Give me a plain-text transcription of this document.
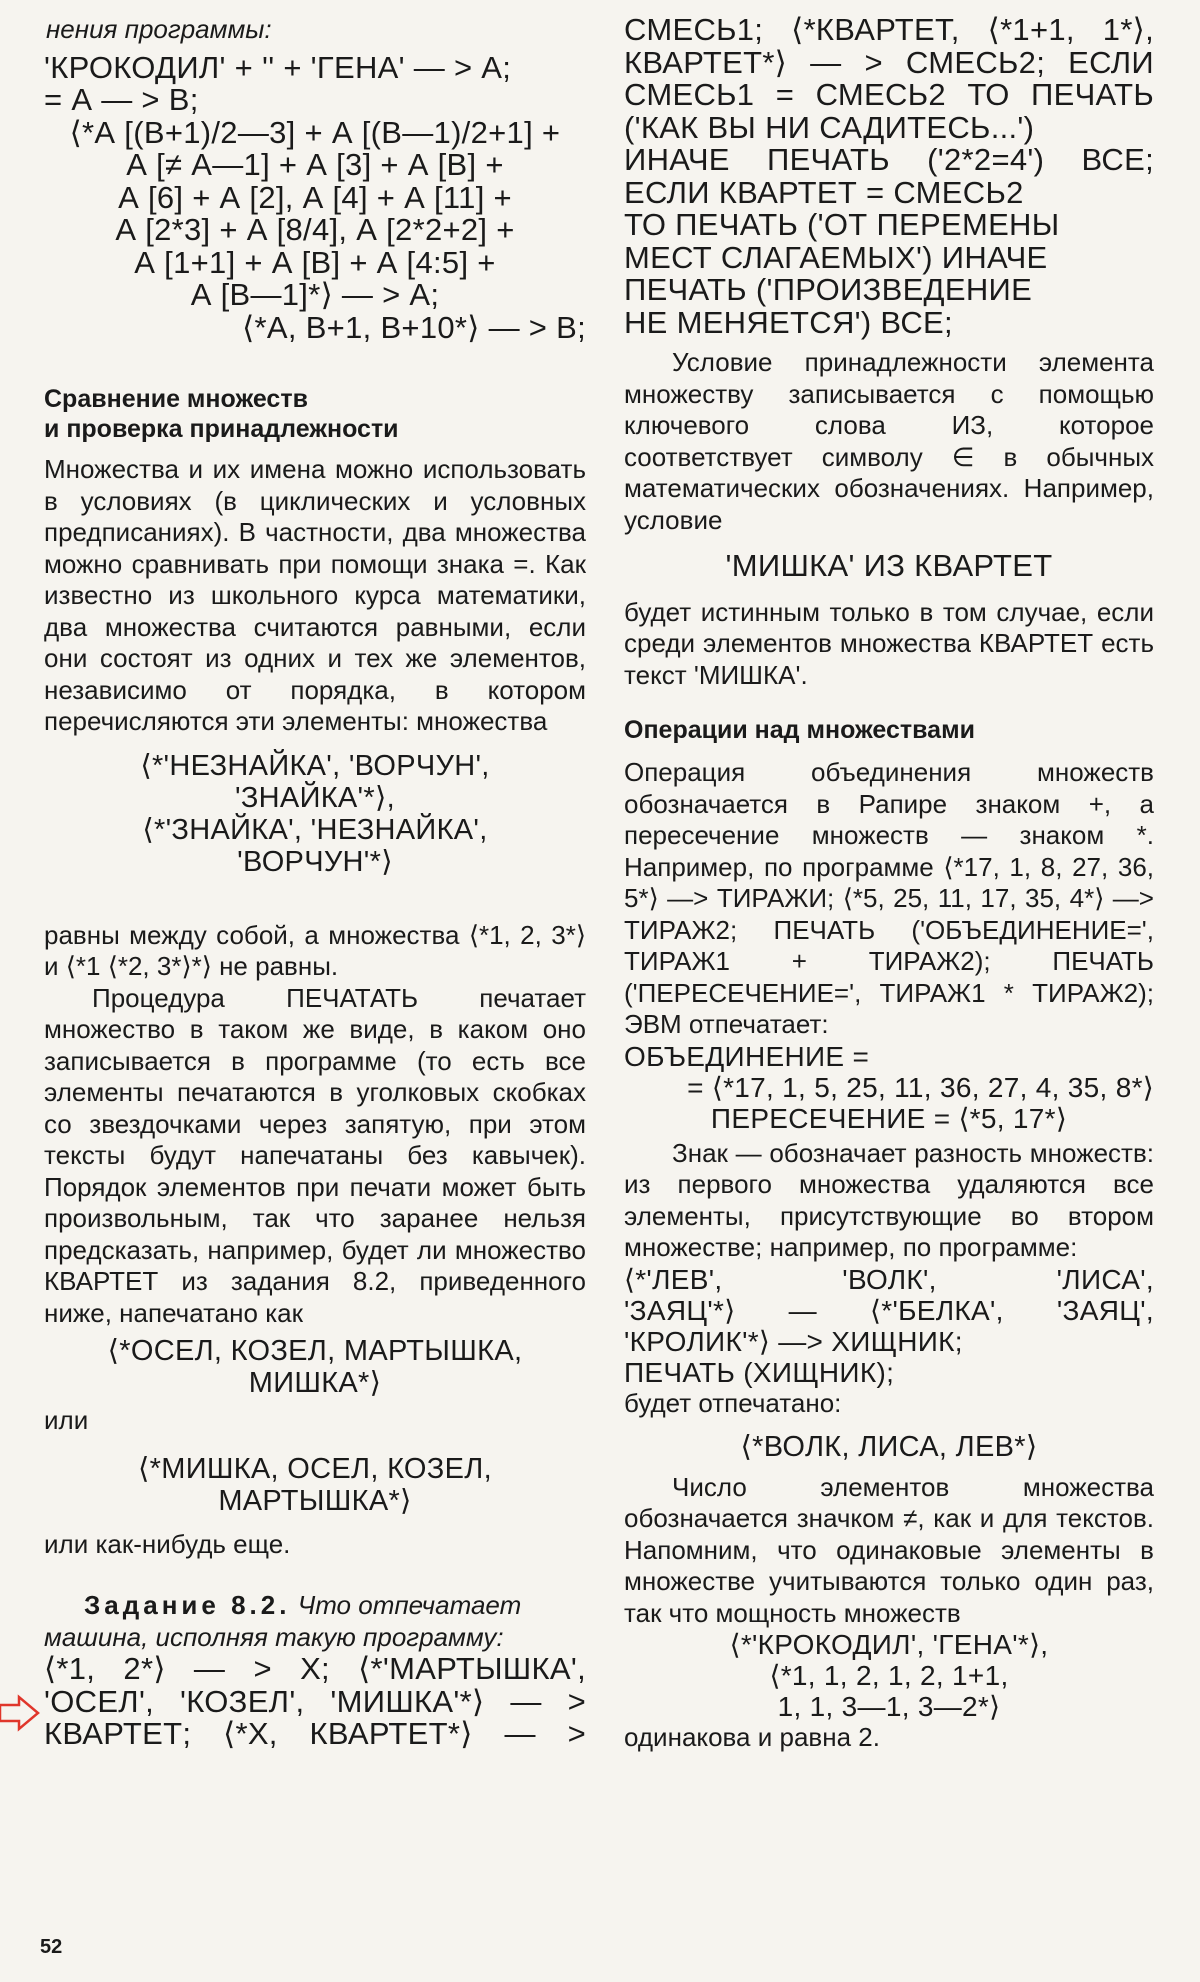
нения программы:

'КРОКОДИЛ' + '' + 'ГЕНА' — > А;
= А — > В;
⟨*А [(В+1)/2—3] + А [(В—1)/2+1] +
А [≠ А—1] + А [3] + А [В] +
А [6] + А [2], А [4] + А [11] +
А [2*3] + А [8/4], А [2*2+2] +
А [1+1] + А [В] + А [4:5] +
А [В—1]*⟩ — > А;
⟨*А, В+1, В+10*⟩ — > В;
Сравнение множеств
и проверка принадлежности

Множества и их имена можно использовать в условиях (в циклических и условных предписаниях). В частности, два множества можно сравнивать при помощи знака =. Как известно из школьного курса математики, два множества считаются равными, если они состоят из одних и тех же элементов, независимо от порядка, в котором перечисляются эти элементы: множества

⟨*'НЕЗНАЙКА', 'ВОРЧУН',
'ЗНАЙКА'*⟩,
⟨*'ЗНАЙКА', 'НЕЗНАЙКА',
'ВОРЧУН'*⟩

равны между собой, а множества ⟨*1, 2, 3*⟩ и ⟨*1 ⟨*2, 3*⟩*⟩ не равны.

Процедура ПЕЧАТАТЬ печатает множество в таком же виде, в каком оно записывается в программе (то есть все элементы печатаются в уголковых скобках со звездочками через запятую, при этом тексты будут напечатаны без кавычек). Порядок элементов при печати может быть произвольным, так что заранее нельзя предсказать, например, будет ли множество КВАРТЕТ из задания 8.2, приведенного ниже, напечатано как

⟨*ОСЕЛ, КОЗЕЛ, МАРТЫШКА,
МИШКА*⟩

или

⟨*МИШКА, ОСЕЛ, КОЗЕЛ,
МАРТЫШКА*⟩

или как-нибудь еще.

Задание 8.2. Что отпечатает

машина, исполняя такую программу:

⟨*1, 2*⟩ — > X; ⟨*'МАРТЫШКА',
'ОСЕЛ', 'КОЗЕЛ', 'МИШКА'*⟩ — >
КВАРТЕТ; ⟨*X, КВАРТЕТ*⟩ — >
СМЕСЬ1; ⟨*КВАРТЕТ, ⟨*1+1, 1*⟩,
КВАРТЕТ*⟩ — > СМЕСЬ2; ЕСЛИ
СМЕСЬ1 = СМЕСЬ2 ТО ПЕЧАТЬ
('КАК ВЫ НИ САДИТЕСЬ...')
ИНАЧЕ ПЕЧАТЬ ('2*2=4') ВСЕ;
ЕСЛИ КВАРТЕТ = СМЕСЬ2
ТО ПЕЧАТЬ ('ОТ ПЕРЕМЕНЫ
МЕСТ СЛАГАЕМЫХ') ИНАЧЕ
ПЕЧАТЬ ('ПРОИЗВЕДЕНИЕ
НЕ МЕНЯЕТСЯ') ВСЕ;

Условие принадлежности элемента множеству записывается с помощью ключевого слова ИЗ, которое соответствует символу ∈ в обычных математических обозначениях. Например, условие

'МИШКА' ИЗ КВАРТЕТ

будет истинным только в том случае, если среди элементов множества КВАРТЕТ есть текст 'МИШКА'.

Операции над множествами

Операция объединения множеств обозначается в Рапире знаком +, а пересечение множеств — знаком *. Например, по программе ⟨*17, 1, 8, 27, 36, 5*⟩ —> ТИРАЖИ; ⟨*5, 25, 11, 17, 35, 4*⟩ —> ТИРАЖ2; ПЕЧАТЬ ('ОБЪЕДИНЕНИЕ=', ТИРАЖ1 + ТИРАЖ2); ПЕЧАТЬ ('ПЕРЕСЕЧЕНИЕ=', ТИРАЖ1 * ТИРАЖ2); ЭВМ отпечатает:

ОБЪЕДИНЕНИЕ =
= ⟨*17, 1, 5, 25, 11, 36, 27, 4, 35, 8*⟩
ПЕРЕСЕЧЕНИЕ = ⟨*5, 17*⟩

Знак — обозначает разность множеств: из первого множества удаляются все элементы, присутствующие во втором множестве; например, по программе:

⟨*'ЛЕВ', 'ВОЛК', 'ЛИСА',
'ЗАЯЦ'*⟩ — ⟨*'БЕЛКА', 'ЗАЯЦ',
'КРОЛИК'*⟩ —> ХИЩНИК;
ПЕЧАТЬ (ХИЩНИК);

будет отпечатано:

⟨*ВОЛК, ЛИСА, ЛЕВ*⟩

Число элементов множества обозначается значком ≠, как и для текстов. Напомним, что одинаковые элементы в множестве учитываются только один раз, так что мощность множеств

⟨*'КРОКОДИЛ', 'ГЕНА'*⟩,
⟨*1, 1, 2, 1, 2, 1+1,
1, 1, 3—1, 3—2*⟩

одинакова и равна 2.

52
